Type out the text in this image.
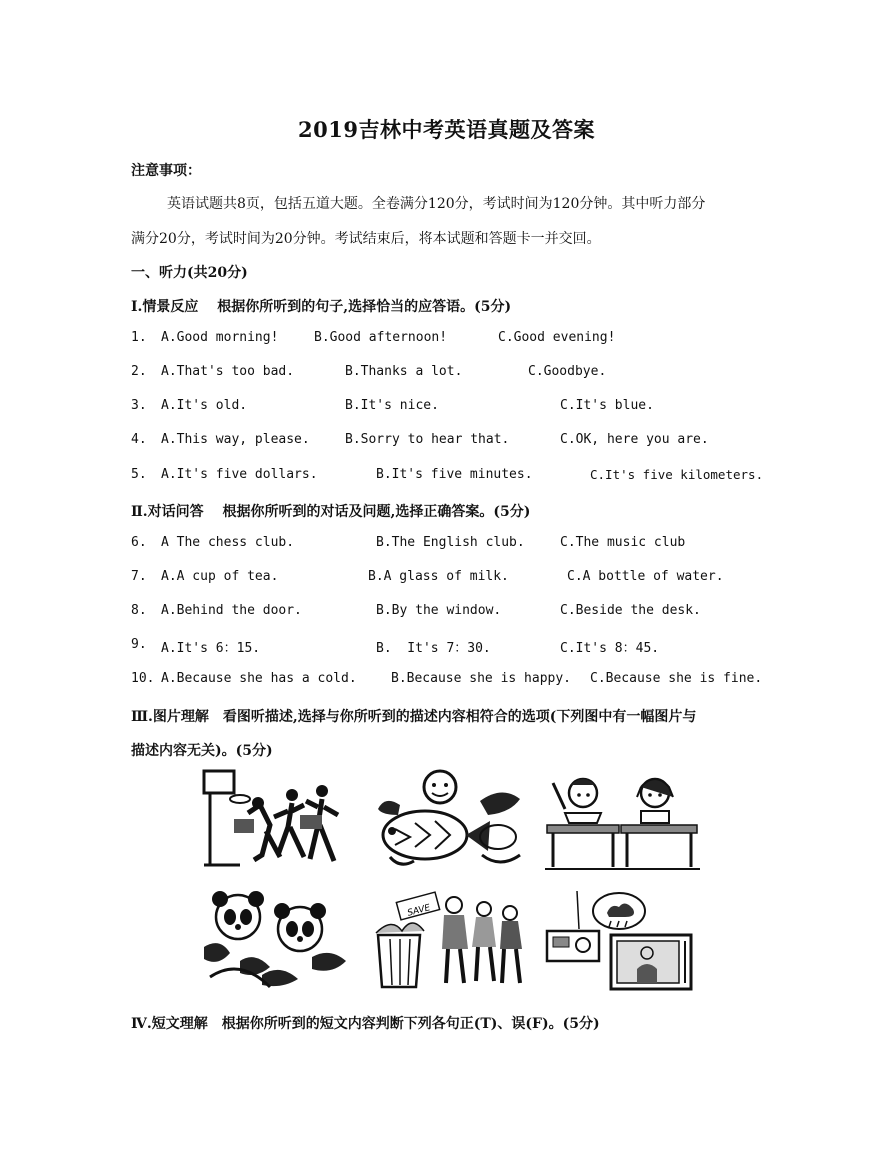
2019吉林中考英语真题及答案
注意事项：
英语试题共8页，包括五道大题。全卷满分120分，考试时间为120分钟。其中听力部分
满分20分，考试时间为20分钟。考试结束后，将本试题和答题卡一并交回。
一、听力(共20分)
Ⅰ.情景反应　 根据你所听到的句子,选择恰当的应答语。(5分)
1. A.Good morning!	B.Good afternoon!	C.Good evening!
2. A.That's too bad.	B.Thanks a lot.	C.Goodbye.
3. A.It's old.	B.It's nice.	C.It's blue.
4. A.This way, please.	B.Sorry to hear that.	C.OK, here you are.
5. A.It's five dollars.	B.It's five minutes.	C.It's five kilometers.
Ⅱ.对话问答　 根据你所听到的对话及问题,选择正确答案。(5分)
6. A The chess club.	B.The English club.	C.The music club
7. A.A cup of tea.	B.A glass of milk.	C.A bottle of water.
8. A.Behind the door.	B.By the window.	C.Beside the desk.
9. A.It's 6：15.	B.  It's 7：30.	C.It's 8：45.
10. A.Because she has a cold.	B.Because she is happy. C.Because she is fine.
Ⅲ.图片理解　看图听描述,选择与你所听到的描述内容相符合的选项(下列图中有一幅图片与
描述内容无关)。(5分)
SAVE
Ⅳ.短文理解　根据你所听到的短文内容判断下列各句正(T)、误(F)。(5分)
